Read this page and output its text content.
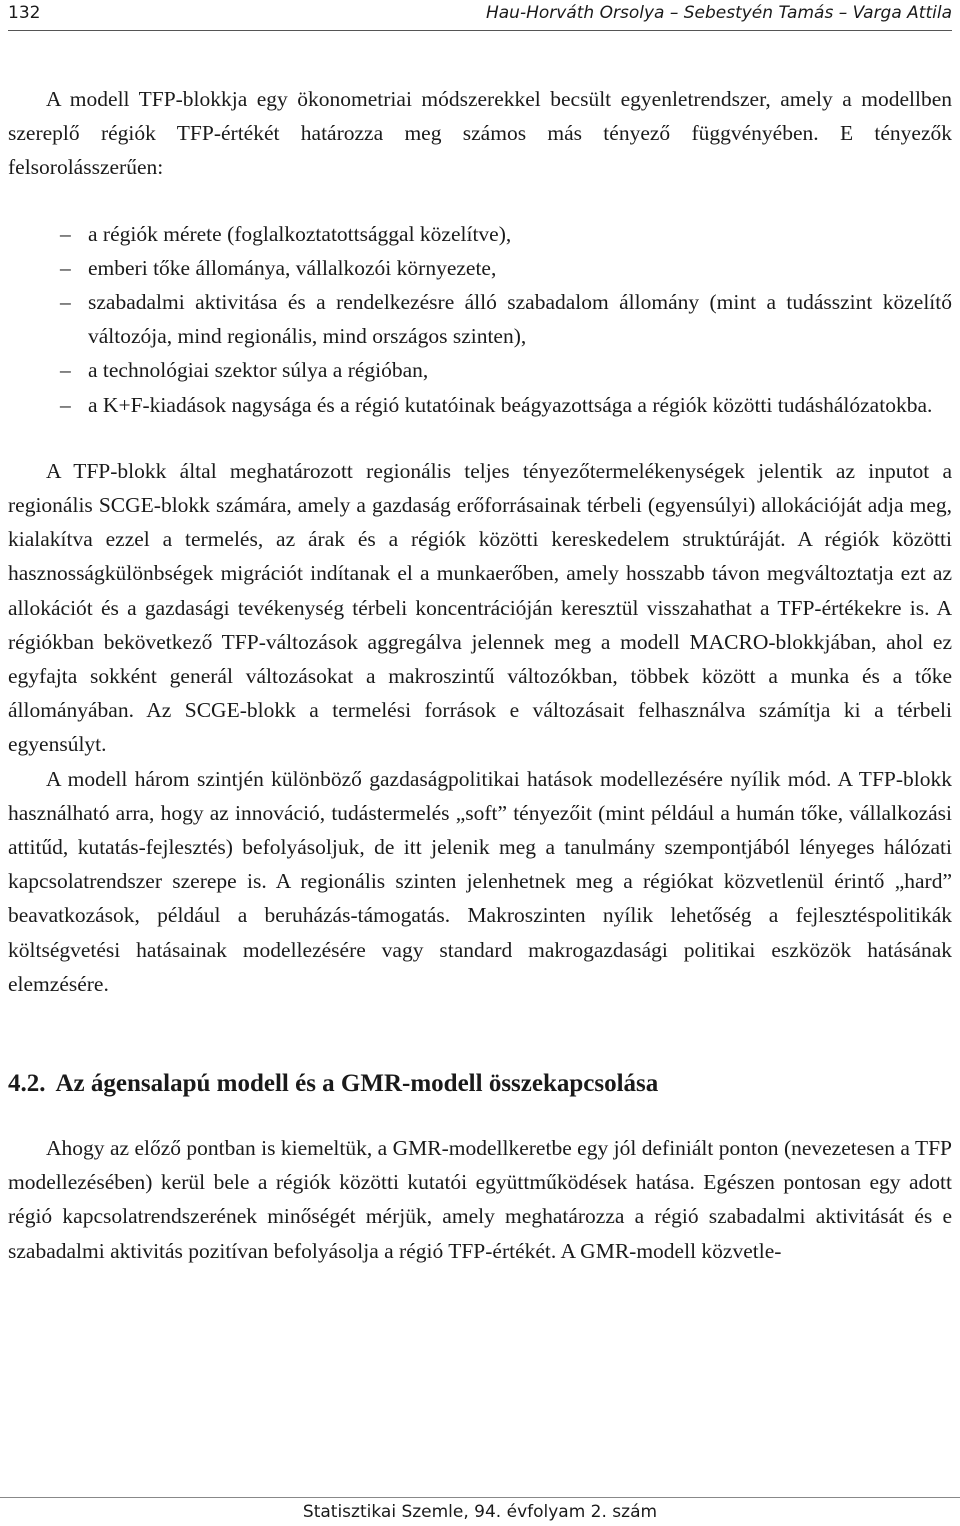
132	Hau-Horváth Orsolya – Sebestyén Tamás – Varga Attila

A modell TFP-blokkja egy ökonometriai módszerekkel becsült egyenletrendszer, amely a modellben szereplő régiók TFP-értékét határozza meg számos más tényező függvényében. E tényezők felsorolásszerűen:

– a régiók mérete (foglalkoztatottsággal közelítve),
– emberi tőke állománya, vállalkozói környezete,
– szabadalmi aktivitása és a rendelkezésre álló szabadalom állomány (mint a tudásszint közelítő változója, mind regionális, mind országos szinten),
– a technológiai szektor súlya a régióban,
– a K+F-kiadások nagysága és a régió kutatóinak beágyazottsága a régiók közötti tudáshálózatokba.

A TFP-blokk által meghatározott regionális teljes tényezőtermelékenységek jelentik az inputot a regionális SCGE-blokk számára, amely a gazdaság erőforrásainak térbeli (egyensúlyi) allokációját adja meg, kialakítva ezzel a termelés, az árak és a régiók közötti kereskedelem struktúráját. A régiók közötti hasznosságkülönbségek migrációt indítanak el a munkaerőben, amely hosszabb távon megváltoztatja ezt az allokációt és a gazdasági tevékenység térbeli koncentrációján keresztül visszahathat a TFP-értékekre is. A régiókban bekövetkező TFP-változások aggregálva jelennek meg a modell MACRO-blokkjában, ahol ez egyfajta sokként generál változásokat a makroszintű változókban, többek között a munka és a tőke állományában. Az SCGE-blokk a termelési források e változásait felhasználva számítja ki a térbeli egyensúlyt.

A modell három szintjén különböző gazdaságpolitikai hatások modellezésére nyílik mód. A TFP-blokk használható arra, hogy az innováció, tudástermelés „soft” tényezőit (mint például a humán tőke, vállalkozási attitűd, kutatás-fejlesztés) befolyásoljuk, de itt jelenik meg a tanulmány szempontjából lényeges hálózati kapcsolatrendszer szerepe is. A regionális szinten jelenhetnek meg a régiókat közvetlenül érintő „hard” beavatkozások, például a beruházás-támogatás. Makroszinten nyílik lehetőség a fejlesztéspolitikák költségvetési hatásainak modellezésére vagy standard makrogazdasági politikai eszközök hatásának elemzésére.

4.2. Az ágensalapú modell és a GMR-modell összekapcsolása

Ahogy az előző pontban is kiemeltük, a GMR-modellkeretbe egy jól definiált ponton (nevezetesen a TFP modellezésében) kerül bele a régiók közötti kutatói együttműködések hatása. Egészen pontosan egy adott régió kapcsolatrendszerének minőségét mérjük, amely meghatározza a régió szabadalmi aktivitását és e szabadalmi aktivitás pozitívan befolyásolja a régió TFP-értékét. A GMR-modell közvetle-

Statisztikai Szemle, 94. évfolyam 2. szám
